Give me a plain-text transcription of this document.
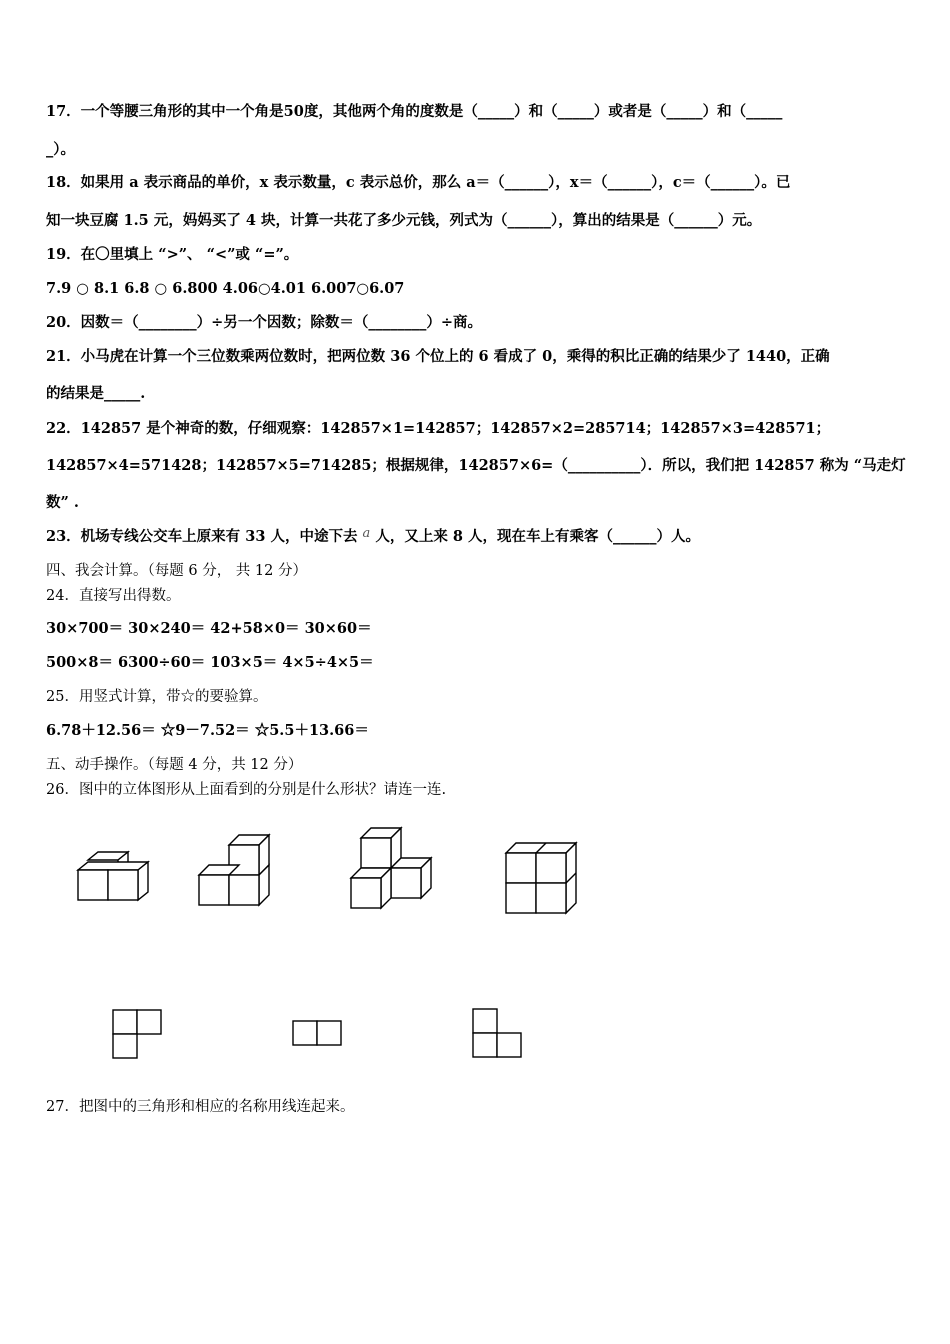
17．一个等腰三角形的其中一个角是50度，其他两个角的度数是（_____）和（_____）或者是（_____）和（_____
_）。
18．如果用 a 表示商品的单价，x 表示数量，c 表示总价，那么 a＝（______），x＝（______），c＝（______）。已
知一块豆腐 1.5 元，妈妈买了 4 块，计算一共花了多少元钱，列式为（______），算出的结果是（______）元。
19．在〇里填上 “>”、 “<”或 “=”。
7.9 ○ 8.1 6.8 ○ 6.800 4.06○4.01 6.007○6.07
20．因数＝（________）÷另一个因数；除数＝（________）÷商。
21．小马虎在计算一个三位数乘两位数时，把两位数 36 个位上的 6 看成了 0，乘得的积比正确的结果少了 1440，正确
的结果是_____.
22．142857 是个神奇的数，仔细观察：142857×1=142857；142857×2=285714；142857×3=428571；
142857×4=571428；142857×5=714285；根据规律，142857×6=（__________）．所以，我们把 142857 称为 “马走灯
数” .
23．机场专线公交车上原来有 33 人，中途下去 a 人，又上来 8 人，现在车上有乘客（______）人。
四、我会计算。（每题 6 分， 共 12 分）
24．直接写出得数。
30×700＝ 30×240＝ 42+58×0＝ 30×60＝
500×8＝ 6300÷60＝ 103×5＝ 4×5÷4×5＝
25．用竖式计算，带☆的要验算。
6.78＋12.56＝ ☆9－7.52＝ ☆5.5＋13.66＝
五、动手操作。（每题 4 分，共 12 分）
26．图中的立体图形从上面看到的分别是什么形状？请连一连.
27．把图中的三角形和相应的名称用线连起来。
